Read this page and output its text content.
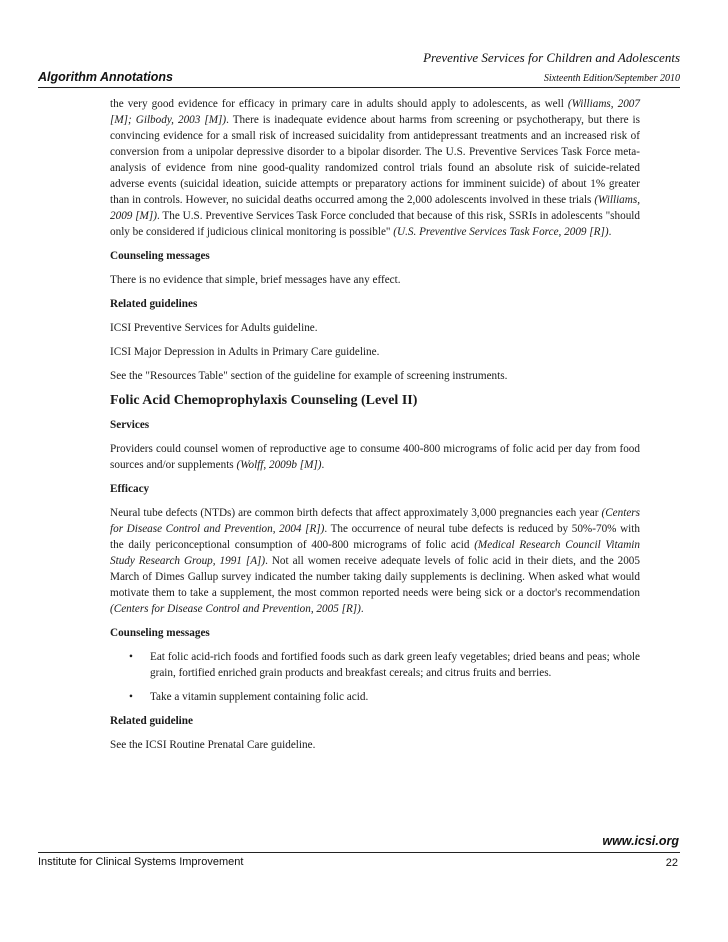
Preventive Services for Children and Adolescents
Algorithm Annotations	Sixteenth Edition/September 2010

the very good evidence for efficacy in primary care in adults should apply to adolescents, as well (Williams, 2007 [M]; Gilbody, 2003 [M]). There is inadequate evidence about harms from screening or psychotherapy, but there is convincing evidence for a small risk of increased suicidality from antidepressant treatments and an increased risk of conversion from a unipolar depressive disorder to a bipolar disorder. The U.S. Preventive Services Task Force meta-analysis of evidence from nine good-quality randomized control trials found an absolute risk of suicide-related adverse events (suicidal ideation, suicide attempts or preparatory actions for imminent suicide) of about 1% greater than in controls. However, no suicidal deaths occurred among the 2,000 adolescents involved in these trials (Williams, 2009 [M]). The U.S. Preventive Services Task Force concluded that because of this risk, SSRIs in adolescents "should only be considered if judicious clinical monitoring is possible" (U.S. Preventive Services Task Force, 2009 [R]).

Counseling messages

There is no evidence that simple, brief messages have any effect.

Related guidelines

ICSI Preventive Services for Adults guideline.

ICSI Major Depression in Adults in Primary Care guideline.

See the "Resources Table" section of the guideline for example of screening instruments.

Folic Acid Chemoprophylaxis Counseling (Level II)

Services

Providers could counsel women of reproductive age to consume 400-800 micrograms of folic acid per day from food sources and/or supplements (Wolff, 2009b [M]).

Efficacy

Neural tube defects (NTDs) are common birth defects that affect approximately 3,000 pregnancies each year (Centers for Disease Control and Prevention, 2004 [R]). The occurrence of neural tube defects is reduced by 50%-70% with the daily periconceptional consumption of 400-800 micrograms of folic acid (Medical Research Council Vitamin Study Research Group, 1991 [A]). Not all women receive adequate levels of folic acid in their diets, and the 2005 March of Dimes Gallup survey indicated the number taking daily supplements is declining. When asked what would motivate them to take a supplement, the most common reported needs were being sick or a doctor's recommendation (Centers for Disease Control and Prevention, 2005 [R]).

Counseling messages

• Eat folic acid-rich foods and fortified foods such as dark green leafy vegetables; dried beans and peas; whole grain, fortified enriched grain products and breakfast cereals; and citrus fruits and berries.
• Take a vitamin supplement containing folic acid.

Related guideline

See the ICSI Routine Prenatal Care guideline.

www.icsi.org
Institute for Clinical Systems Improvement	22
